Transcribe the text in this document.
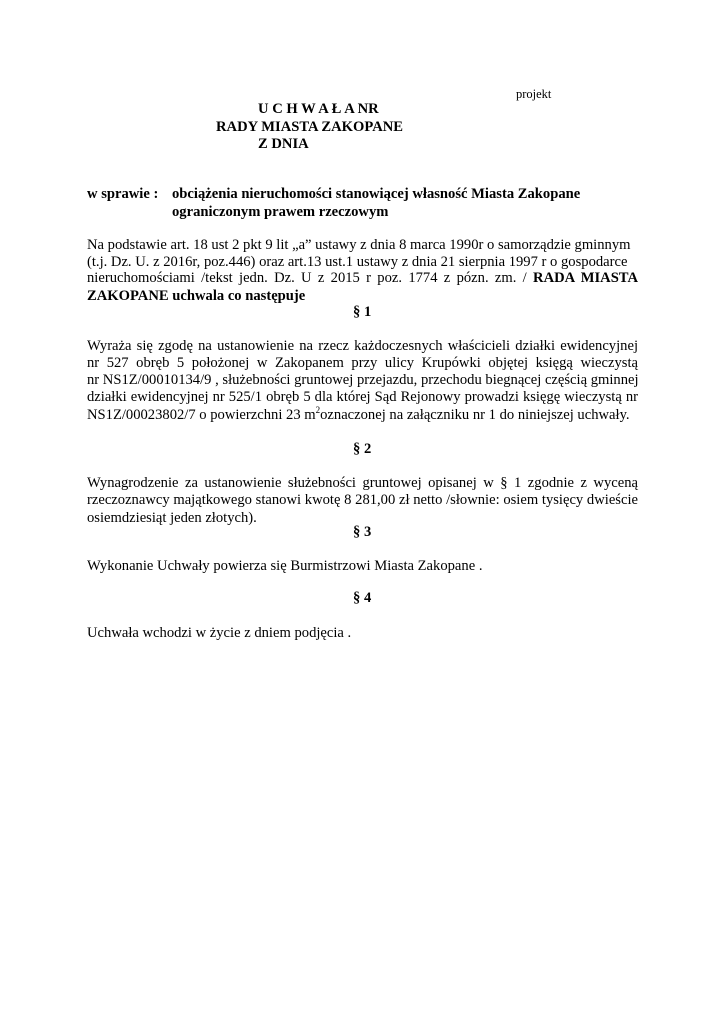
projekt
U C H W A Ł A NR
RADY MIASTA ZAKOPANE
Z DNIA
w sprawie : obciążenia nieruchomości stanowiącej własność Miasta Zakopane
ograniczonym prawem rzeczowym
Na podstawie art. 18 ust 2 pkt 9 lit „a” ustawy z dnia 8 marca 1990r o samorządzie gminnym
(t.j. Dz. U. z 2016r, poz.446) oraz art.13 ust.1 ustawy z dnia 21 sierpnia 1997 r o gospodarce
nieruchomościami /tekst jedn. Dz. U z 2015 r poz. 1774 z pózn. zm. / RADA MIASTA
ZAKOPANE uchwala co następuje
§ 1
Wyraża się zgodę na ustanowienie na rzecz każdoczesnych właścicieli działki ewidencyjnej
nr 527 obręb 5 położonej w Zakopanem przy ulicy Krupówki objętej księgą wieczystą
nr NS1Z/00010134/9 , służebności gruntowej przejazdu, przechodu biegnącej częścią gminnej
działki ewidencyjnej nr 525/1 obręb 5 dla której Sąd Rejonowy prowadzi księgę wieczystą nr
NS1Z/00023802/7 o powierzchni 23 $m^2oznaczonej$ na załączniku nr 1 do niniejszej uchwały.
§ 2
Wynagrodzenie za ustanowienie służebności gruntowej opisanej w § 1 zgodnie z wyceną
rzeczoznawcy majątkowego stanowi kwotę 8 281,00 zł netto /słownie: osiem tysięcy dwieście
osiemdziesiąt jeden złotych).
§ 3
Wykonanie Uchwały powierza się Burmistrzowi Miasta Zakopane .
§ 4
Uchwała wchodzi w życie z dniem podjęcia .
